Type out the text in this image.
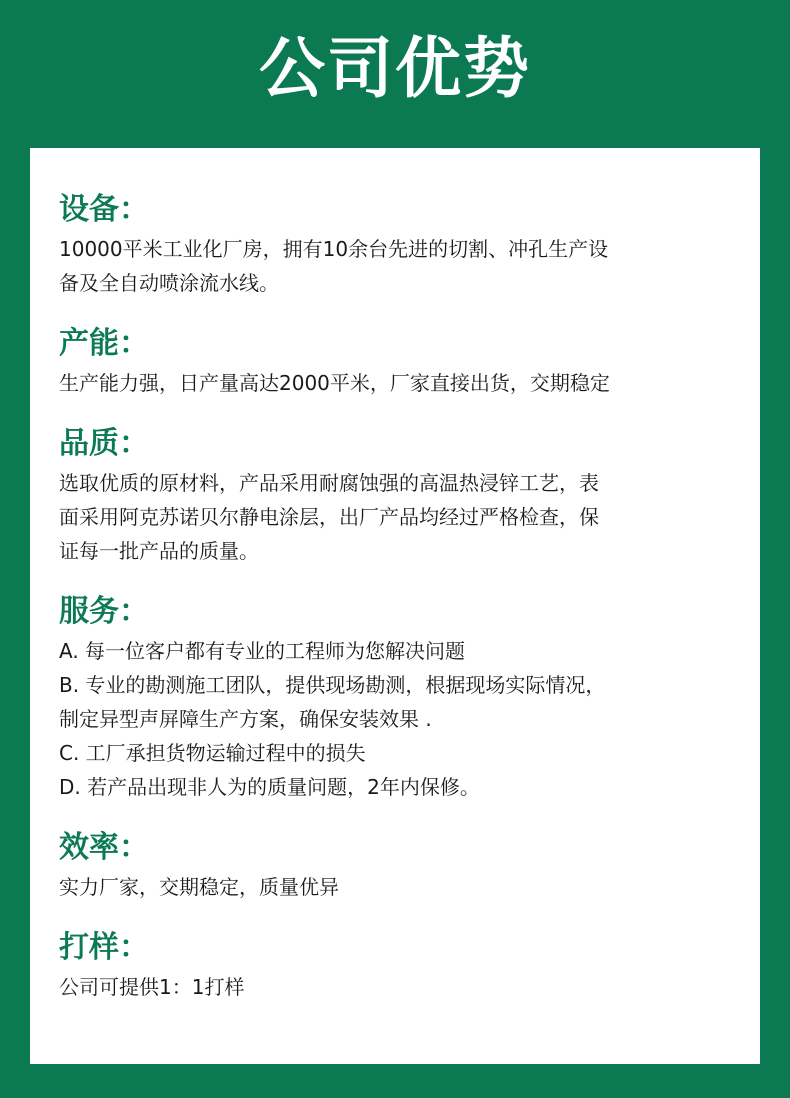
公司优势

设备：

10000平米工业化厂房，拥有10余台先进的切割、冲孔生产设

备及全自动喷涂流水线。

产能：

生产能力强，日产量高达2000平米，厂家直接出货，交期稳定

品质：

选取优质的原材料，产品采用耐腐蚀强的高温热浸锌工艺，表

面采用阿克苏诺贝尔静电涂层，出厂产品均经过严格检查，保

证每一批产品的质量。

服务：

A. 每一位客户都有专业的工程师为您解决问题

B. 专业的勘测施工团队，提供现场勘测，根据现场实际情况，

制定异型声屏障生产方案，确保安装效果 .

C. 工厂承担货物运输过程中的损失

D. 若产品出现非人为的质量问题，2年内保修。

效率：

实力厂家，交期稳定，质量优异

打样：

公司可提供1：1打样
